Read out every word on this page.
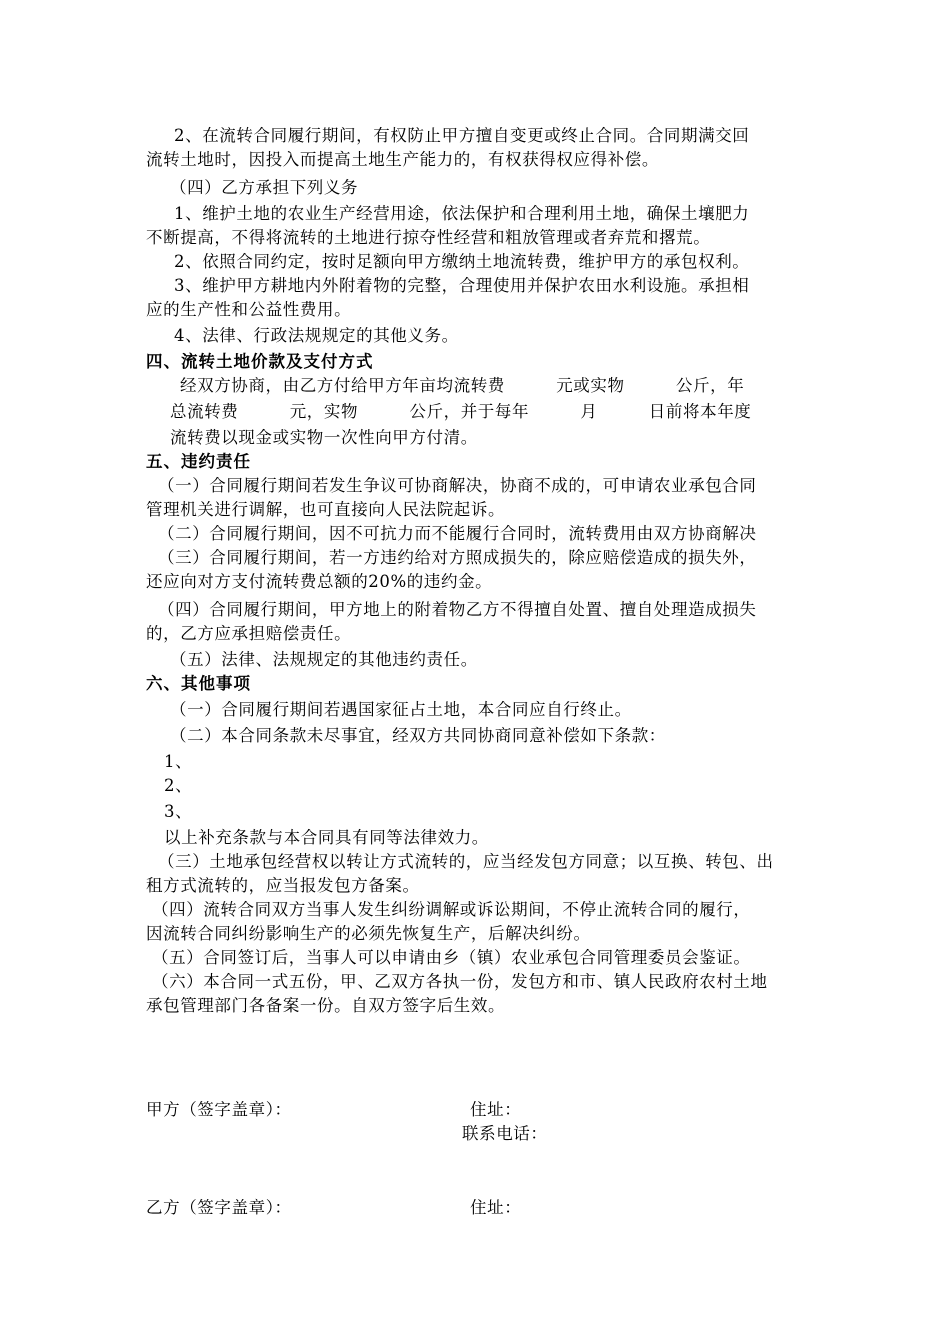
2、在流转合同履行期间，有权防止甲方擅自变更或终止合同。合同期满交回
流转土地时，因投入而提高土地生产能力的，有权获得权应得补偿。
（四）乙方承担下列义务
1、维护土地的农业生产经营用途，依法保护和合理利用土地，确保土壤肥力
不断提高，不得将流转的土地进行掠夺性经营和粗放管理或者弃荒和撂荒。
2、依照合同约定，按时足额向甲方缴纳土地流转费，维护甲方的承包权利。
3、维护甲方耕地内外附着物的完整，合理使用并保护农田水利设施。承担相
应的生产性和公益性费用。
4、法律、行政法规规定的其他义务。
四、流转土地价款及支付方式
经双方协商，由乙方付给甲方年亩均流转费　　　元或实物　　　公斤，年
总流转费　　　元，实物　　　公斤，并于每年　　　月　　　日前将本年度
流转费以现金或实物一次性向甲方付清。
五、违约责任
（一）合同履行期间若发生争议可协商解决，协商不成的，可申请农业承包合同
管理机关进行调解，也可直接向人民法院起诉。
（二）合同履行期间，因不可抗力而不能履行合同时，流转费用由双方协商解决
（三）合同履行期间，若一方违约给对方照成损失的，除应赔偿造成的损失外，
还应向对方支付流转费总额的20%的违约金。
（四）合同履行期间，甲方地上的附着物乙方不得擅自处置、擅自处理造成损失
的，乙方应承担赔偿责任。
（五）法律、法规规定的其他违约责任。
六、其他事项
（一）合同履行期间若遇国家征占土地，本合同应自行终止。
（二）本合同条款未尽事宜，经双方共同协商同意补偿如下条款：
1、
2、
3、
以上补充条款与本合同具有同等法律效力。
（三）土地承包经营权以转让方式流转的，应当经发包方同意；以互换、转包、出
租方式流转的，应当报发包方备案。
（四）流转合同双方当事人发生纠纷调解或诉讼期间，不停止流转合同的履行，
因流转合同纠纷影响生产的必须先恢复生产，后解决纠纷。
（五）合同签订后，当事人可以申请由乡（镇）农业承包合同管理委员会鉴证。
（六）本合同一式五份，甲、乙双方各执一份，发包方和市、镇人民政府农村土地
承包管理部门各备案一份。自双方签字后生效。
甲方（签字盖章）：	住址：
联系电话：
乙方（签字盖章）：	住址：
